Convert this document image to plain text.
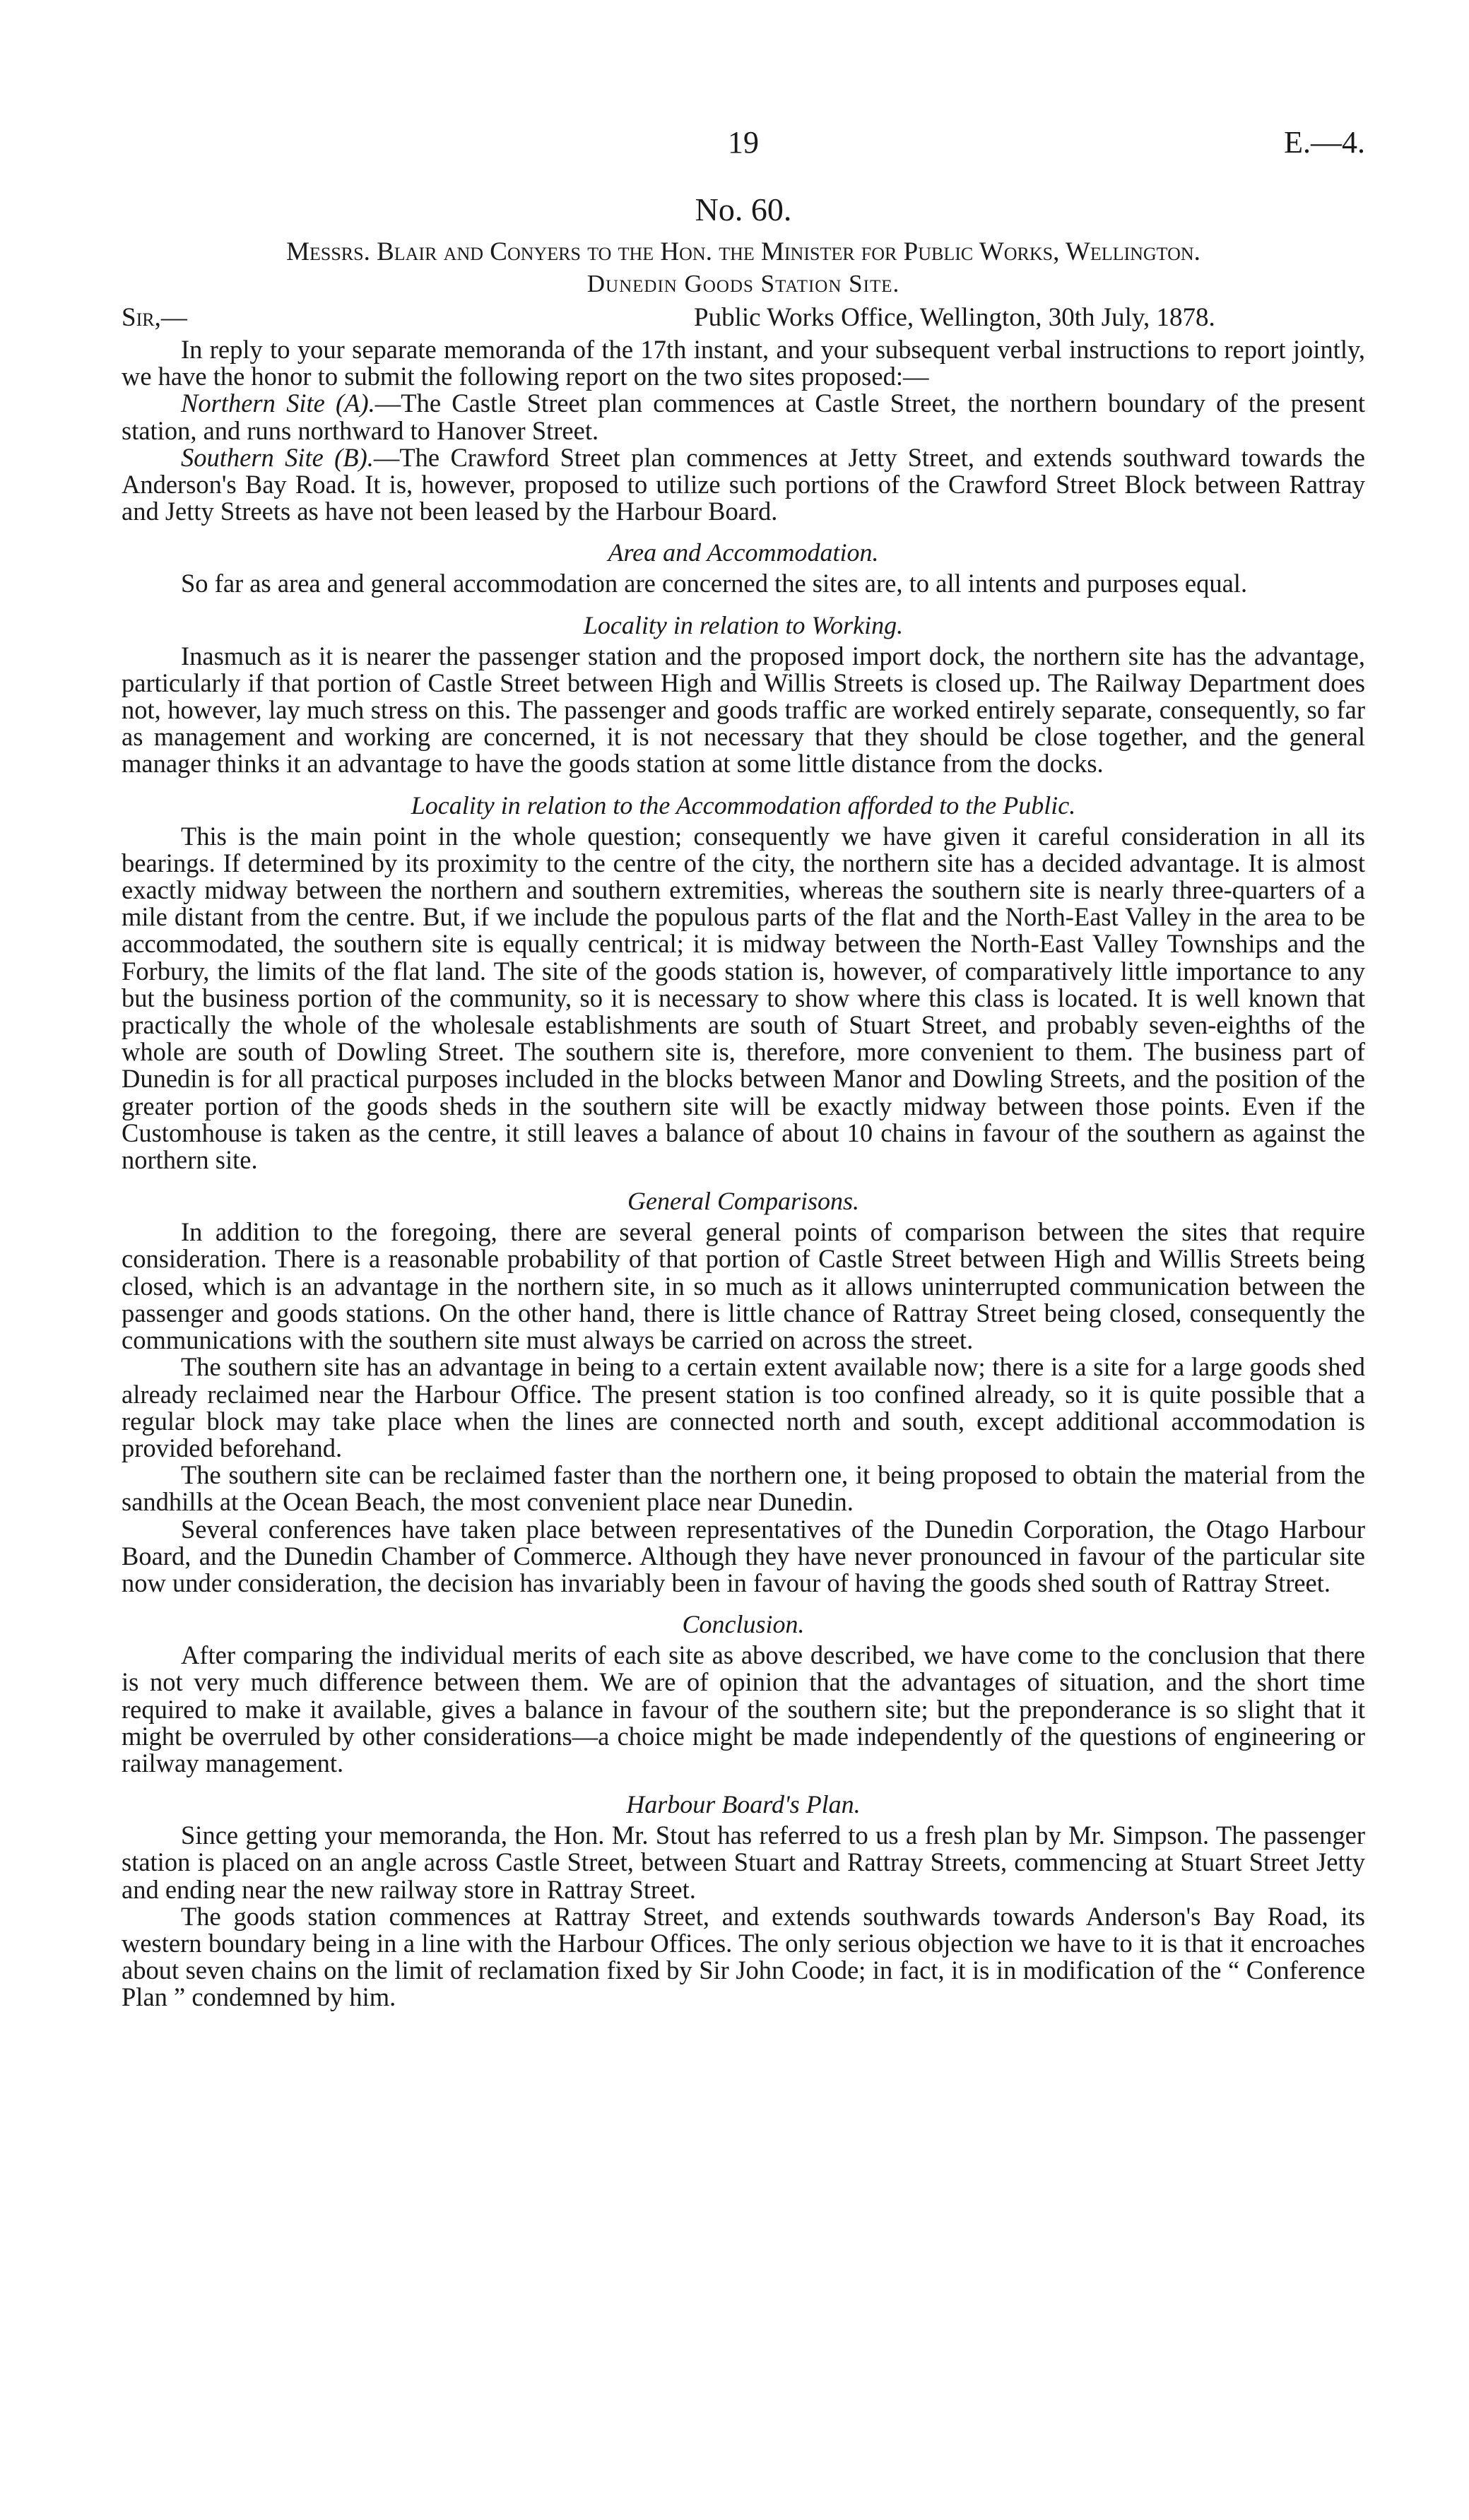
19	E.—4.
No. 60.
Messrs. Blair and Conyers to the Hon. the Minister for Public Works, Wellington.
Dunedin Goods Station Site.
Sir,—	Public Works Office, Wellington, 30th July, 1878.

In reply to your separate memoranda of the 17th instant, and your subsequent verbal instructions to report jointly, we have the honor to submit the following report on the two sites proposed:—

Northern Site (A).—The Castle Street plan commences at Castle Street, the northern boundary of the present station, and runs northward to Hanover Street.

Southern Site (B).—The Crawford Street plan commences at Jetty Street, and extends southward towards the Anderson's Bay Road. It is, however, proposed to utilize such portions of the Crawford Street Block between Rattray and Jetty Streets as have not been leased by the Harbour Board.

Area and Accommodation.

So far as area and general accommodation are concerned the sites are, to all intents and purposes equal.

Locality in relation to Working.

Inasmuch as it is nearer the passenger station and the proposed import dock, the northern site has the advantage, particularly if that portion of Castle Street between High and Willis Streets is closed up. The Railway Department does not, however, lay much stress on this. The passenger and goods traffic are worked entirely separate, consequently, so far as management and working are concerned, it is not necessary that they should be close together, and the general manager thinks it an advantage to have the goods station at some little distance from the docks.

Locality in relation to the Accommodation afforded to the Public.

This is the main point in the whole question; consequently we have given it careful consideration in all its bearings. If determined by its proximity to the centre of the city, the northern site has a decided advantage. It is almost exactly midway between the northern and southern extremities, whereas the southern site is nearly three-quarters of a mile distant from the centre. But, if we include the populous parts of the flat and the North-East Valley in the area to be accommodated, the southern site is equally centrical; it is midway between the North-East Valley Townships and the Forbury, the limits of the flat land. The site of the goods station is, however, of comparatively little importance to any but the business portion of the community, so it is necessary to show where this class is located. It is well known that practically the whole of the wholesale establishments are south of Stuart Street, and probably seven-eighths of the whole are south of Dowling Street. The southern site is, therefore, more convenient to them. The business part of Dunedin is for all practical purposes included in the blocks between Manor and Dowling Streets, and the position of the greater portion of the goods sheds in the southern site will be exactly midway between those points. Even if the Customhouse is taken as the centre, it still leaves a balance of about 10 chains in favour of the southern as against the northern site.

General Comparisons.

In addition to the foregoing, there are several general points of comparison between the sites that require consideration. There is a reasonable probability of that portion of Castle Street between High and Willis Streets being closed, which is an advantage in the northern site, in so much as it allows uninterrupted communication between the passenger and goods stations. On the other hand, there is little chance of Rattray Street being closed, consequently the communications with the southern site must always be carried on across the street.

The southern site has an advantage in being to a certain extent available now; there is a site for a large goods shed already reclaimed near the Harbour Office. The present station is too confined already, so it is quite possible that a regular block may take place when the lines are connected north and south, except additional accommodation is provided beforehand.

The southern site can be reclaimed faster than the northern one, it being proposed to obtain the material from the sandhills at the Ocean Beach, the most convenient place near Dunedin.

Several conferences have taken place between representatives of the Dunedin Corporation, the Otago Harbour Board, and the Dunedin Chamber of Commerce. Although they have never pronounced in favour of the particular site now under consideration, the decision has invariably been in favour of having the goods shed south of Rattray Street.

Conclusion.

After comparing the individual merits of each site as above described, we have come to the conclusion that there is not very much difference between them. We are of opinion that the advantages of situation, and the short time required to make it available, gives a balance in favour of the southern site; but the preponderance is so slight that it might be overruled by other considerations—a choice might be made independently of the questions of engineering or railway management.

Harbour Board's Plan.

Since getting your memoranda, the Hon. Mr. Stout has referred to us a fresh plan by Mr. Simpson. The passenger station is placed on an angle across Castle Street, between Stuart and Rattray Streets, commencing at Stuart Street Jetty and ending near the new railway store in Rattray Street.

The goods station commences at Rattray Street, and extends southwards towards Anderson's Bay Road, its western boundary being in a line with the Harbour Offices. The only serious objection we have to it is that it encroaches about seven chains on the limit of reclamation fixed by Sir John Coode; in fact, it is in modification of the “ Conference Plan ” condemned by him.
